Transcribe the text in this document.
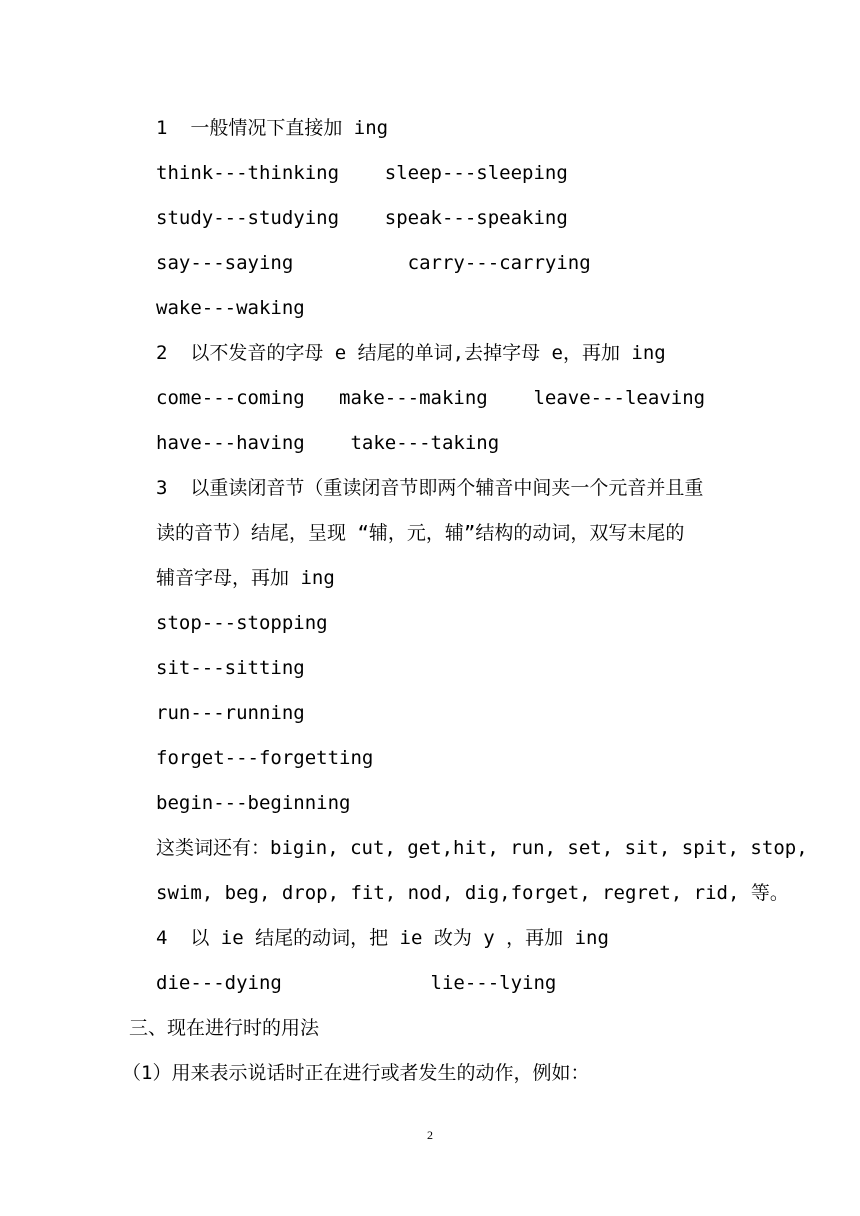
1  一般情况下直接加 ing
think---thinking    sleep---sleeping
study---studying    speak---speaking
say---saying          carry---carrying
wake---waking
2  以不发音的字母 e 结尾的单词,去掉字母 e，再加 ing
come---coming   make---making    leave---leaving
have---having    take---taking
3  以重读闭音节（重读闭音节即两个辅音中间夹一个元音并且重
读的音节）结尾，呈现 “辅，元，辅”结构的动词，双写末尾的
辅音字母，再加 ing
stop---stopping
sit---sitting
run---running
forget---forgetting
begin---beginning
这类词还有：bigin, cut, get,hit, run, set, sit, spit, stop,
swim, beg, drop, fit, nod, dig,forget, regret, rid, 等。
4  以 ie 结尾的动词，把 ie 改为 y ，再加 ing
die---dying             lie---lying
三、现在进行时的用法
（1）用来表示说话时正在进行或者发生的动作，例如：
2
